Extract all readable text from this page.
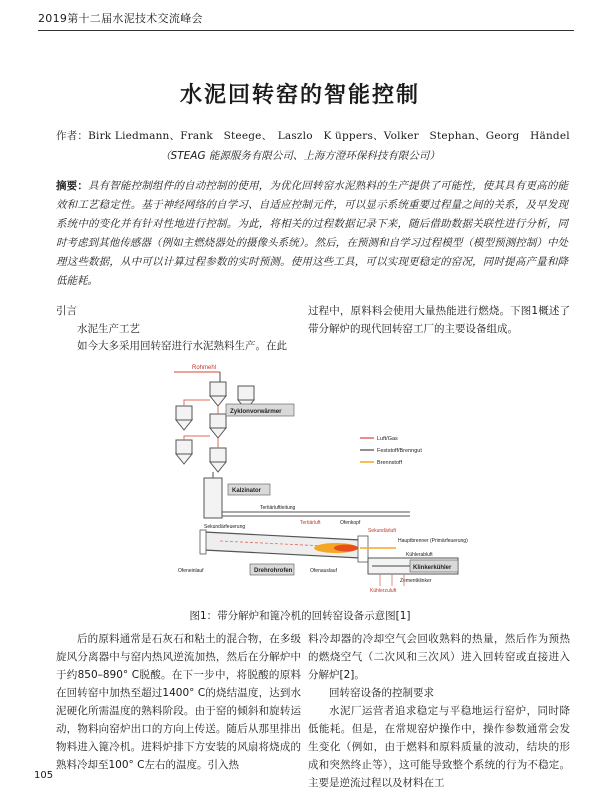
2019第十二届水泥技术交流峰会
水泥回转窑的智能控制
作者：Birk Liedmann、Frank　Steege、　Laszlo　K üppers、Volker　Stephan、Georg　Händel
（STEAG 能源服务有限公司、上海方澄环保科技有限公司）
摘要：具有智能控制组件的自动控制的使用，为优化回转窑水泥熟料的生产提供了可能性，使其具有更高的能效和工艺稳定性。基于神经网络的自学习、自适应控制元件，可以显示系统重要过程量之间的关系，及早发现系统中的变化并有针对性地进行控制。为此，将相关的过程数据记录下来，随后借助数据关联性进行分析，同时考虑到其他传感器（例如主燃烧器处的摄像头系统）。然后，在预测和自学习过程模型（模型预测控制）中处理这些数据，从中可以计算过程参数的实时预测。使用这些工具，可以实现更稳定的窑况，同时提高产量和降低能耗。

引言

水泥生产工艺

如今大多采用回转窑进行水泥熟料生产。在此

过程中，原料料会使用大量热能进行燃烧。下图1概述了带分解炉的现代回转窑工厂的主要设备组成。

Rohmehl
Zyklonvorwärmer
Kalzinator
Tertiärluftleitung
Sekundärfeuerung
Tertiärluft	Ofenkopf
Sekundärluft
Hauptbrenner (Primärfeuerung)
Ofeneinlauf	Drehrohrofen	Ofenauslauf	Klinkerkühler
Kühlerabluft
Zementklinker
Kühlerzuluft
Luft/Gas
Feststoff/Brenngut
Brennstoff
图1：带分解炉和篦冷机的回转窑设备示意图[1]

后的原料通常是石灰石和粘土的混合物，在多级旋风分离器中与窑内热风逆流加热，然后在分解炉中于约850–890° C脱酸。在下一步中，将脱酸的原料在回转窑中加热至超过1400° C的烧结温度，达到水泥硬化所需温度的熟料阶段。由于窑的倾斜和旋转运动，物料向窑炉出口的方向上传送。随后从那里排出物料进入篦冷机。进料炉排下方安装的风扇将烧成的熟料冷却至100° C左右的温度。引入热

料冷却器的冷却空气会回收熟料的热量，然后作为预热的燃烧空气（二次风和三次风）进入回转窑或直接进入分解炉[2]。

回转窑设备的控制要求

水泥厂运营者追求稳定与平稳地运行窑炉，同时降低能耗。但是，在常规窑炉操作中，操作参数通常会发生变化（例如，由于燃料和原料质量的波动，结块的形成和突然终止等），这可能导致整个系统的行为不稳定。主要是逆流过程以及材料在工

105
